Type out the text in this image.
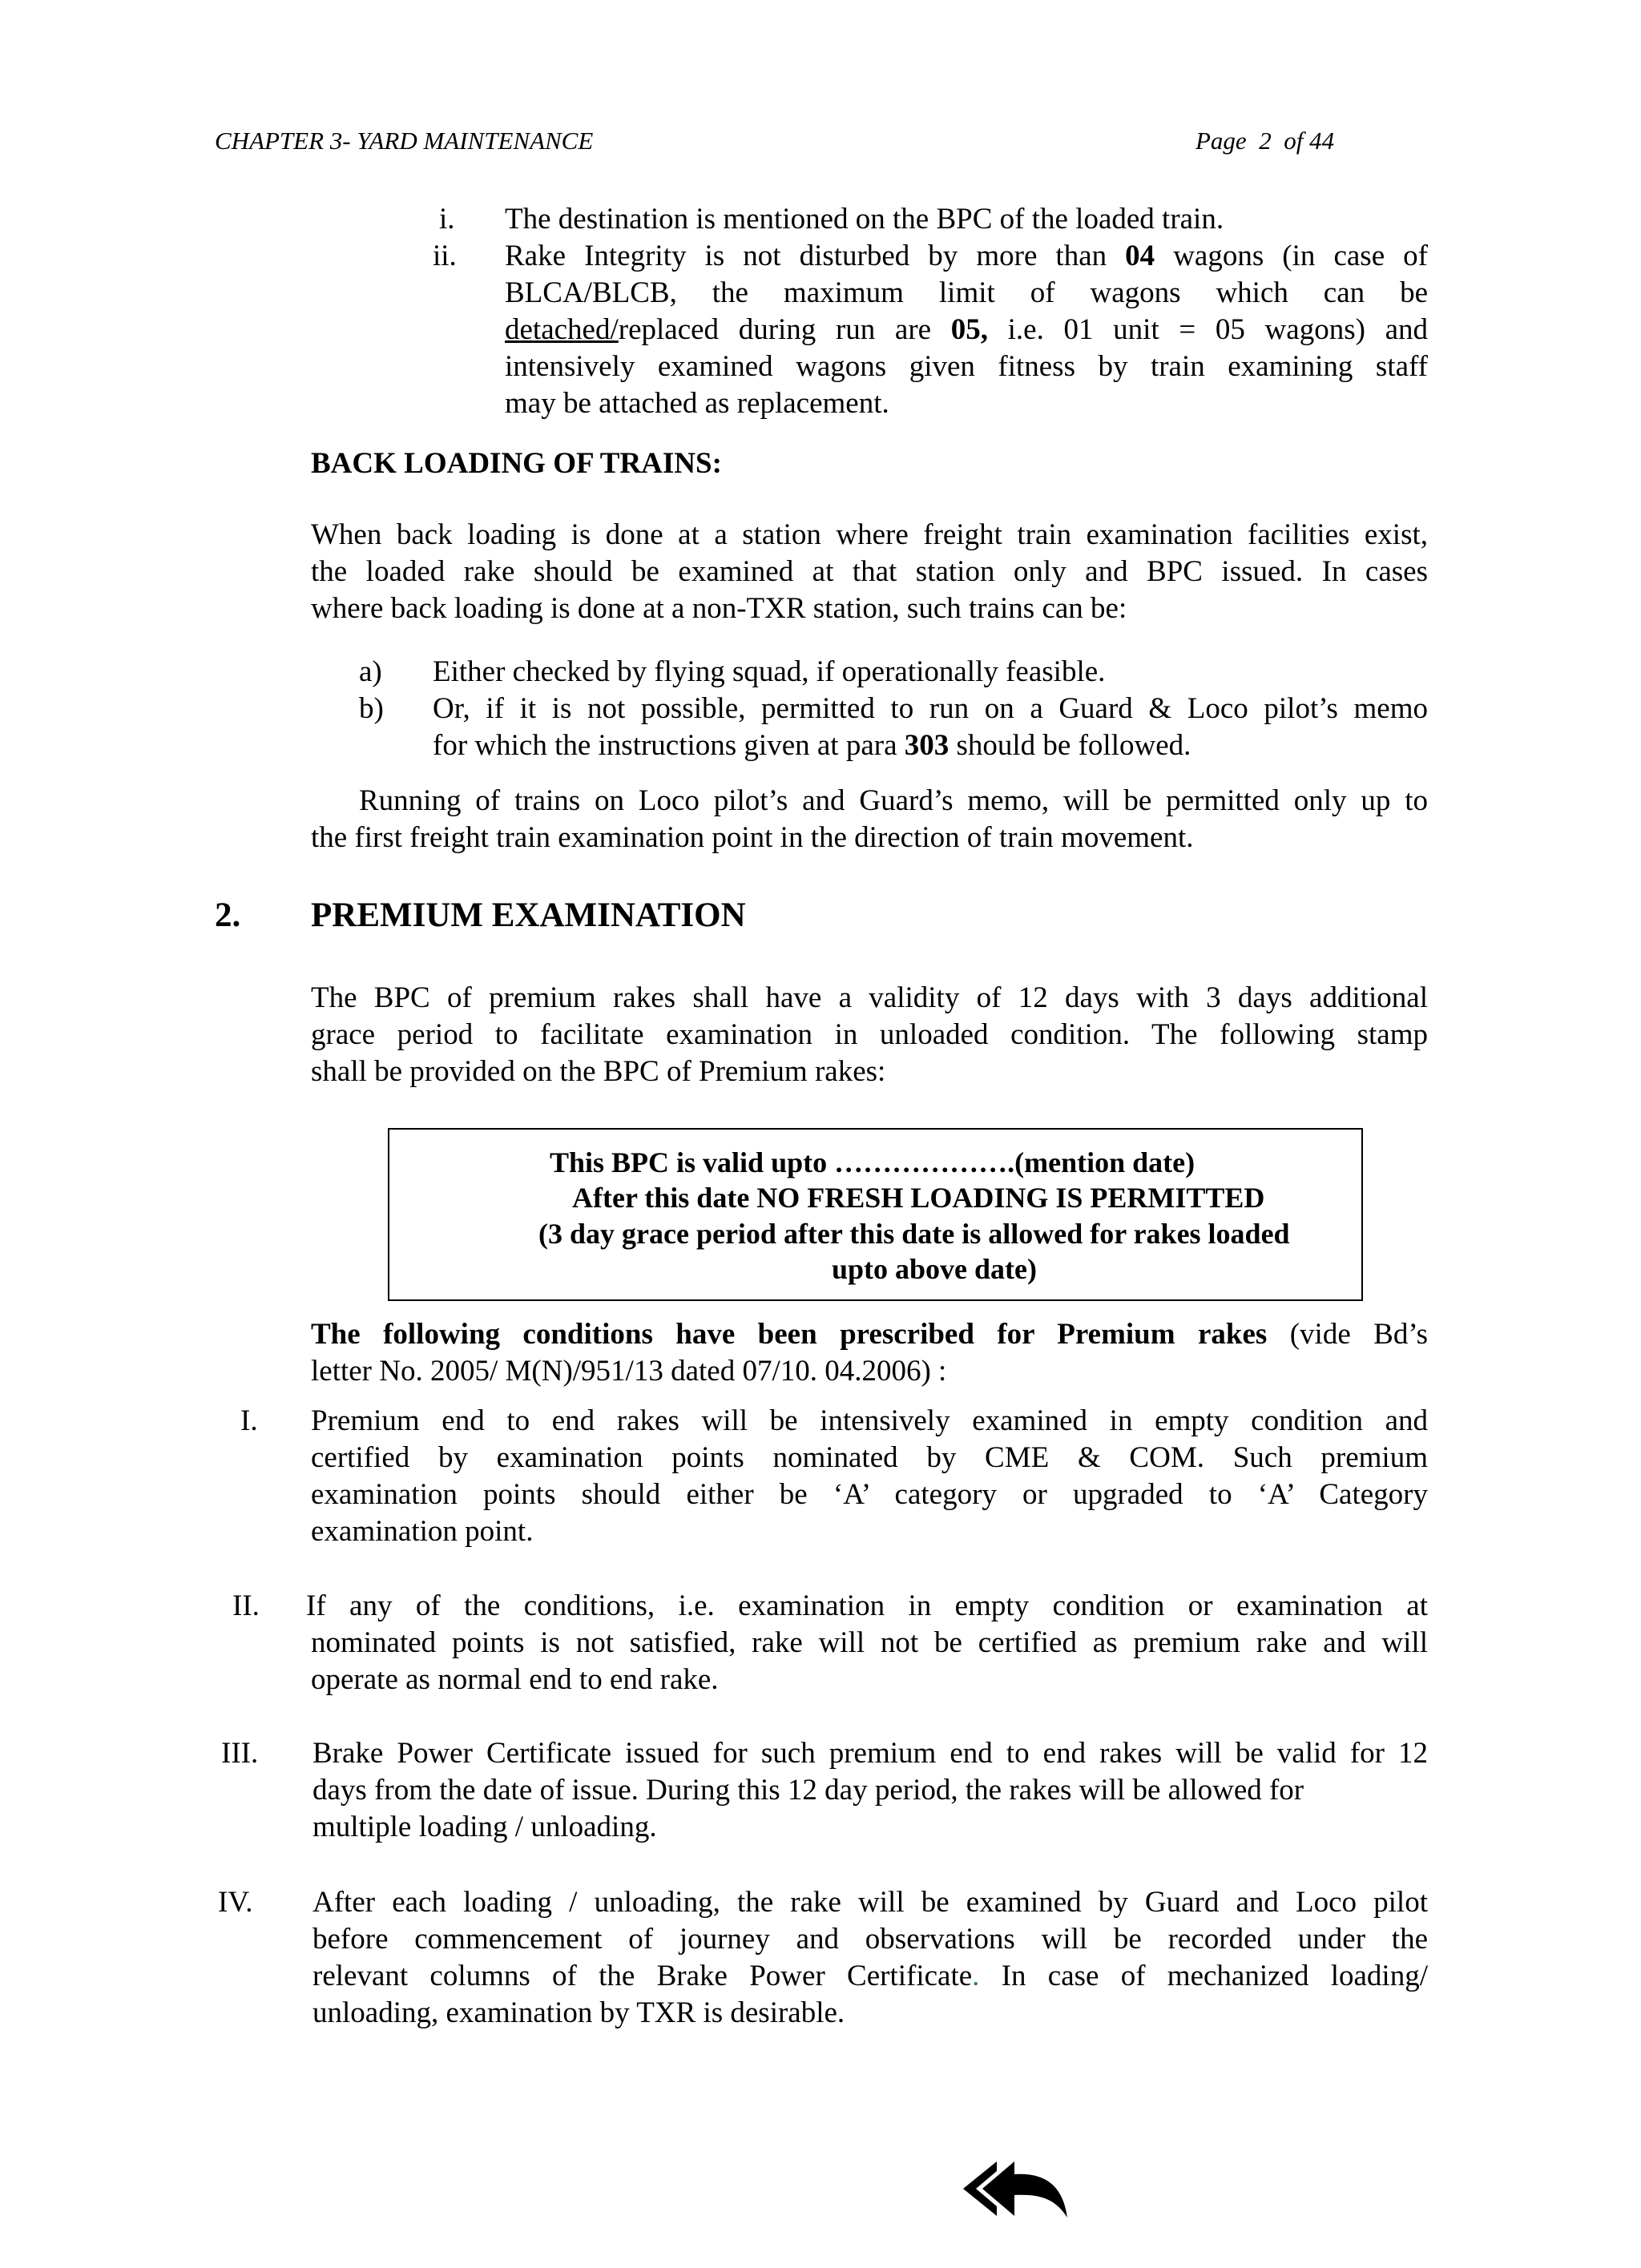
CHAPTER 3- YARD MAINTENANCE	Page 2 of 44
i. The destination is mentioned on the BPC of the loaded train.
ii. Rake Integrity is not disturbed by more than 04 wagons (in case of
BLCA/BLCB, the maximum limit of wagons which can be
detached/replaced during run are 05, i.e. 01 unit = 05 wagons) and
intensively examined wagons given fitness by train examining staff
may be attached as replacement.
BACK LOADING OF TRAINS:
When back loading is done at a station where freight train examination facilities exist,
the loaded rake should be examined at that station only and BPC issued. In cases
where back loading is done at a non-TXR station, such trains can be:
a) Either checked by flying squad, if operationally feasible.
b) Or, if it is not possible, permitted to run on a Guard & Loco pilot’s memo
for which the instructions given at para 303 should be followed.
Running of trains on Loco pilot’s and Guard’s memo, will be permitted only up to
the first freight train examination point in the direction of train movement.
2. PREMIUM EXAMINATION
The BPC of premium rakes shall have a validity of 12 days with 3 days additional
grace period to facilitate examination in unloaded condition. The following stamp
shall be provided on the BPC of Premium rakes:
This BPC is valid upto ……………….(mention date)
After this date NO FRESH LOADING IS PERMITTED
(3 day grace period after this date is allowed for rakes loaded
upto above date)
The following conditions have been prescribed for Premium rakes (vide Bd’s
letter No. 2005/ M(N)/951/13 dated 07/10. 04.2006) :
I. Premium end to end rakes will be intensively examined in empty condition and
certified by examination points nominated by CME & COM. Such premium
examination points should either be ‘A’ category or upgraded to ‘A’ Category
examination point.
II. If any of the conditions, i.e. examination in empty condition or examination at
nominated points is not satisfied, rake will not be certified as premium rake and will
operate as normal end to end rake.
III. Brake Power Certificate issued for such premium end to end rakes will be valid for 12
days from the date of issue. During this 12 day period, the rakes will be allowed for
multiple loading / unloading.
IV. After each loading / unloading, the rake will be examined by Guard and Loco pilot
before commencement of journey and observations will be recorded under the
relevant columns of the Brake Power Certificate. In case of mechanized loading/
unloading, examination by TXR is desirable.
